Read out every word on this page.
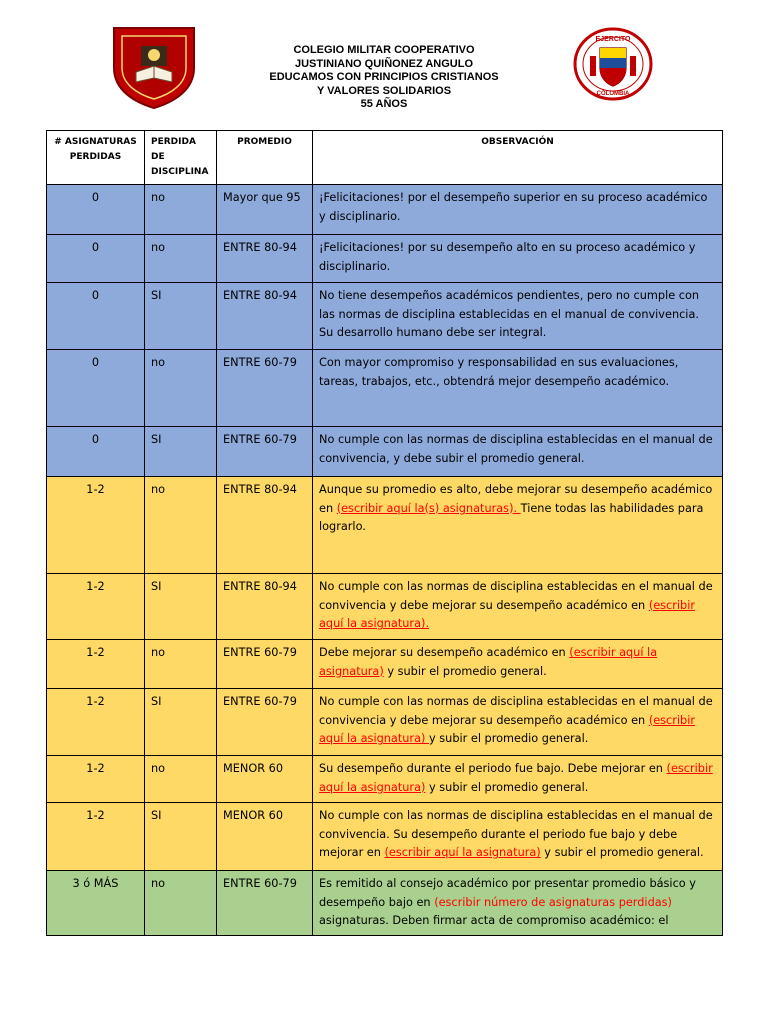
COLEGIO MILITAR COOPERATIVO
JUSTINIANO QUIÑONEZ ANGULO
EDUCAMOS CON PRINCIPIOS CRISTIANOS
Y VALORES SOLIDARIOS
55 AÑOS
EJERCITO
COLOMBIA
# ASIGNATURAS PERDIDAS	PERDIDA DE DISCIPLINA	PROMEDIO	OBSERVACIÓN
0	no	Mayor que 95	¡Felicitaciones! por el desempeño superior en su proceso académico y disciplinario.
0	no	ENTRE 80-94	¡Felicitaciones! por su desempeño alto en su proceso académico y disciplinario.
0	SI	ENTRE 80-94	No tiene desempeños académicos pendientes, pero no cumple con las normas de disciplina establecidas en el manual de convivencia. Su desarrollo humano debe ser integral.
0	no	ENTRE 60-79	Con mayor compromiso y responsabilidad en sus evaluaciones, tareas, trabajos, etc., obtendrá mejor desempeño académico.
0	SI	ENTRE 60-79	No cumple con las normas de disciplina establecidas en el manual de convivencia, y debe subir el promedio general.
1-2	no	ENTRE 80-94	Aunque su promedio es alto, debe mejorar su desempeño académico en (escribir aquí la(s) asignaturas). Tiene todas las habilidades para lograrlo.
1-2	SI	ENTRE 80-94	No cumple con las normas de disciplina establecidas en el manual de convivencia y debe mejorar su desempeño académico en (escribir aquí la asignatura).
1-2	no	ENTRE 60-79	Debe mejorar su desempeño académico en (escribir aquí la asignatura) y subir el promedio general.
1-2	SI	ENTRE 60-79	No cumple con las normas de disciplina establecidas en el manual de convivencia y debe mejorar su desempeño académico en (escribir aquí la asignatura) y subir el promedio general.
1-2	no	MENOR 60	Su desempeño durante el periodo fue bajo. Debe mejorar en (escribir aquí la asignatura) y subir el promedio general.
1-2	SI	MENOR 60	No cumple con las normas de disciplina establecidas en el manual de convivencia. Su desempeño durante el periodo fue bajo y debe mejorar en (escribir aquí la asignatura) y subir el promedio general.
3 ó MÁS	no	ENTRE 60-79	Es remitido al consejo académico por presentar promedio básico y desempeño bajo en (escribir número de asignaturas perdidas) asignaturas. Deben firmar acta de compromiso académico: el
